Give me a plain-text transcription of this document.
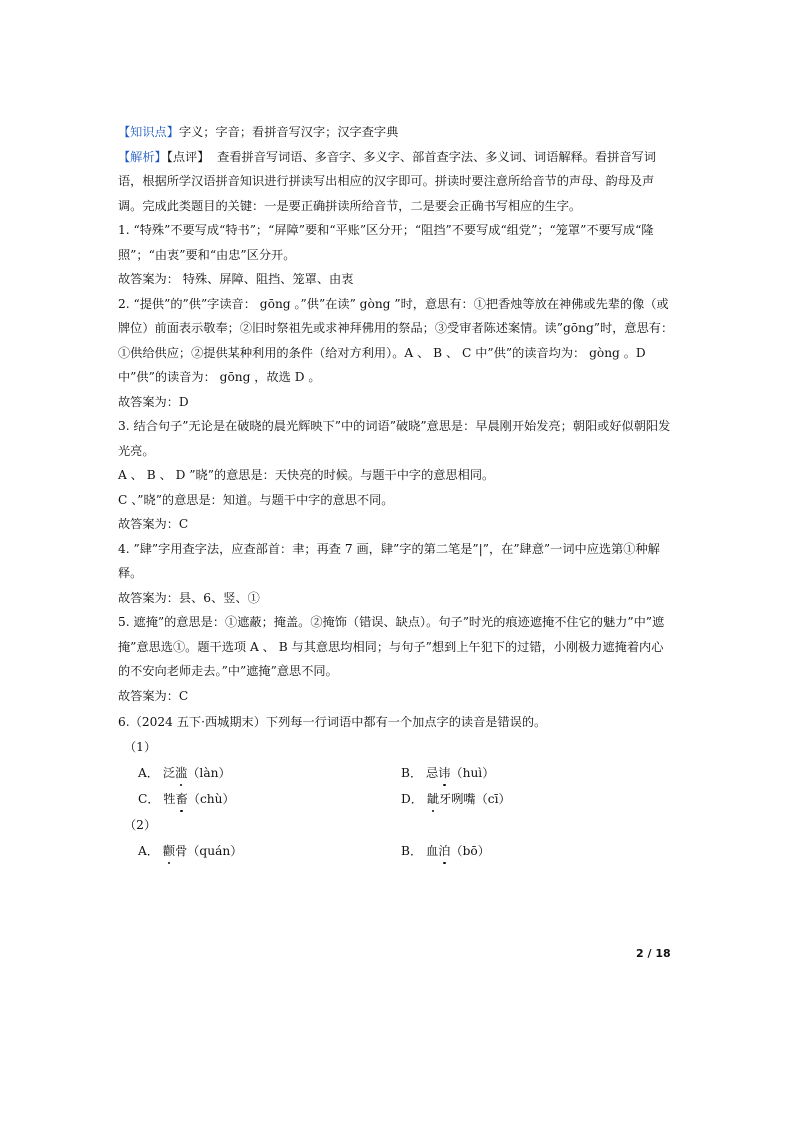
【知识点】字义；字音；看拼音写汉字；汉字查字典

【解析】【点评】 查看拼音写词语、多音字、多义字、部首查字法、多义词、词语解释。看拼音写词语，根据所学汉语拼音知识进行拼读写出相应的汉字即可。拼读时要注意所给音节的声母、韵母及声调。完成此类题目的关键：一是要正确拼读所给音节，二是要会正确书写相应的生字。

1. “特殊”不要写成“特书”；“屏障”要和“平账”区分开；“阻挡”不要写成“组党”；“笼罩”不要写成“隆照”；“由衷”要和“由忠”区分开。

故答案为： 特殊、屏障、阻挡、笼罩、由衷

2. “提供”的”供”字读音： gōng 。”供”在读” gòng ”时，意思有：①把香烛等放在神佛或先辈的像（或牌位）前面表示敬奉；②旧时祭祖先或求神拜佛用的祭品；③受审者陈述案情。读”gōng”时，意思有：①供给供应；②提供某种利用的条件（给对方利用）。A 、 B 、 C 中”供”的读音均为： gòng 。D 中”供”的读音为： gōng ，故选 D 。

故答案为：D

3. 结合句子”无论是在破晓的晨光辉映下”中的词语”破晓”意思是：早晨刚开始发亮；朝阳或好似朝阳发光亮。

A 、 B 、 D ”晓”的意思是：天快亮的时候。与题干中字的意思相同。

C 、”晓”的意思是：知道。与题干中字的意思不同。

故答案为：C

4. ”肆”字用查字法，应查部首：聿；再查 7 画，肆”字的第二笔是”|”，在”肆意”一词中应选第①种解释。

故答案为：县、6、竖、①

5. 遮掩”的意思是：①遮蔽；掩盖。②掩饰（错误、缺点）。句子”时光的痕迹遮掩不住它的魅力”中”遮掩”意思选①。题干选项 A 、 B 与其意思均相同；与句子”想到上午犯下的过错，小刚极力遮掩着内心的不安向老师走去。”中”遮掩”意思不同。

故答案为：C

6.（2024 五下·西城期末）下列每一行词语中都有一个加点字的读音是错误的。

（1）
A． 泛滥（làn）	B． 忌讳（huì）
C． 牲畜（chù）	D． 龇牙咧嘴（cī）
（2）
A． 颧骨（quán）	B． 血泊（bō）
2 / 18
